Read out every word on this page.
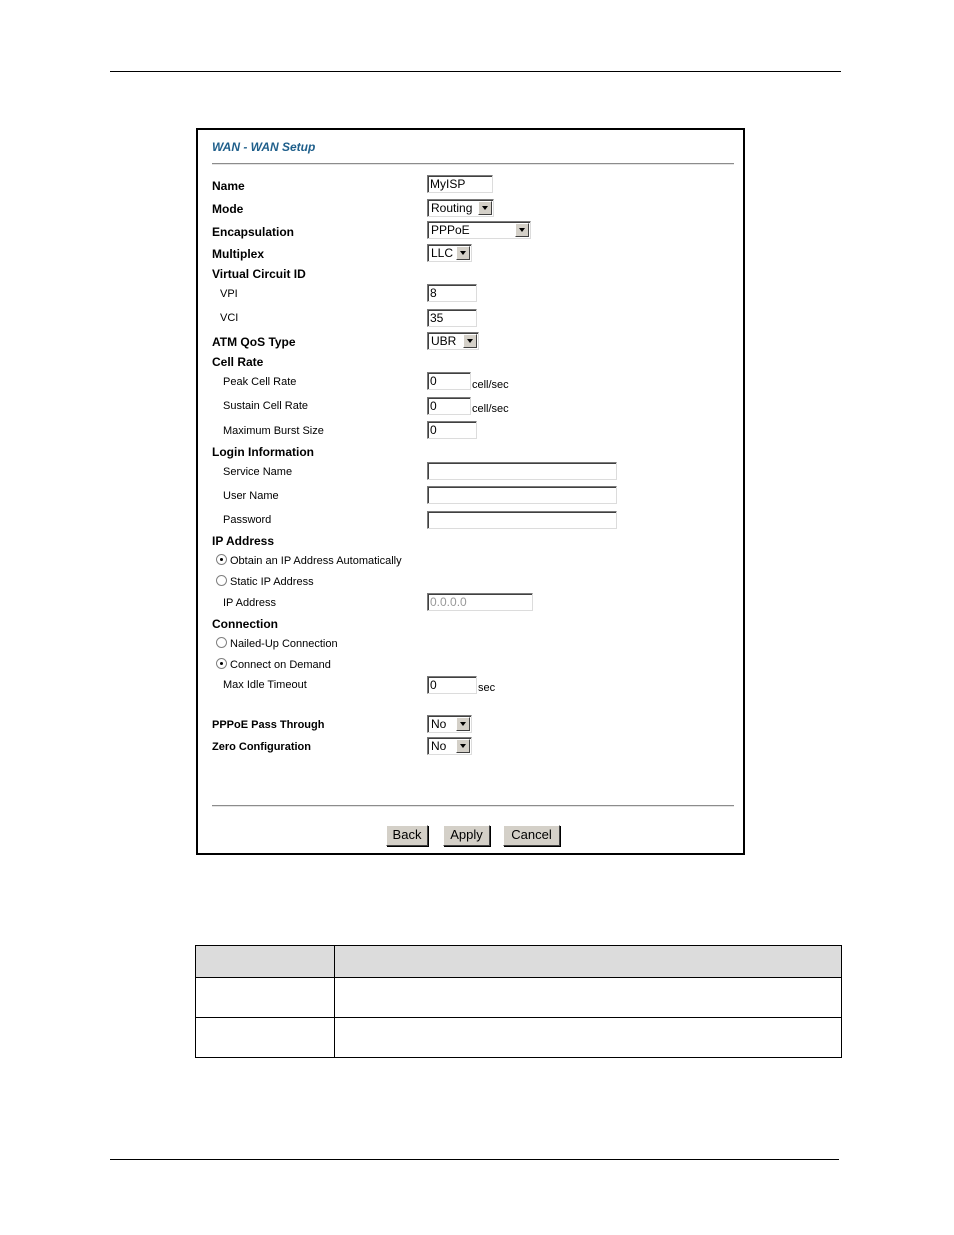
WAN - WAN Setup
Name	MyISP
Mode	Routing
Encapsulation	PPPoE
Multiplex	LLC
Virtual Circuit ID
VPI	8
VCI	35
ATM QoS Type	UBR
Cell Rate
Peak Cell Rate	0	cell/sec
Sustain Cell Rate	0	cell/sec
Maximum Burst Size	0
Login Information
Service Name
User Name
Password
IP Address
Obtain an IP Address Automatically
Static IP Address
IP Address	0.0.0.0
Connection
Nailed-Up Connection
Connect on Demand
Max Idle Timeout	0	sec
PPPoE Pass Through	No
Zero Configuration	No
Back	Apply	Cancel
